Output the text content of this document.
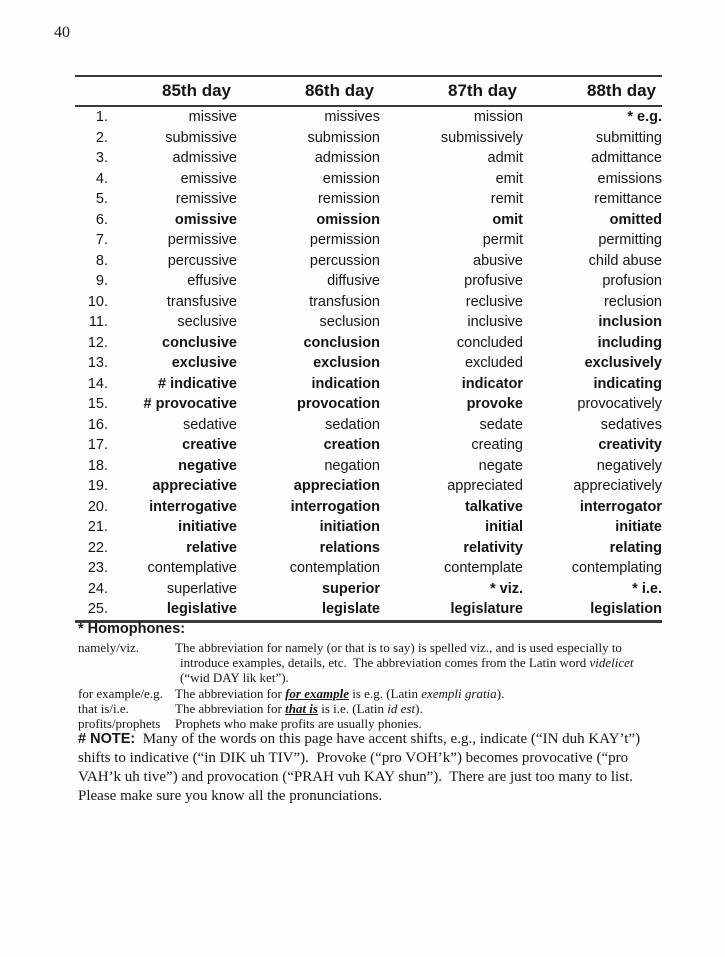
40
	85th day	86th day	87th day	88th day
1.	missive	missives	mission	* e.g.
2.	submissive	submission	submissively	submitting
3.	admissive	admission	admit	admittance
4.	emissive	emission	emit	emissions
5.	remissive	remission	remit	remittance
6.	omissive	omission	omit	omitted
7.	permissive	permission	permit	permitting
8.	percussive	percussion	abusive	child abuse
9.	effusive	diffusive	profusive	profusion
10.	transfusive	transfusion	reclusive	reclusion
11.	seclusive	seclusion	inclusive	inclusion
12.	conclusive	conclusion	concluded	including
13.	exclusive	exclusion	excluded	exclusively
14.	# indicative	indication	indicator	indicating
15.	# provocative	provocation	provoke	provocatively
16.	sedative	sedation	sedate	sedatives
17.	creative	creation	creating	creativity
18.	negative	negation	negate	negatively
19.	appreciative	appreciation	appreciated	appreciatively
20.	interrogative	interrogation	talkative	interrogator
21.	initiative	initiation	initial	initiate
22.	relative	relations	relativity	relating
23.	contemplative	contemplation	contemplate	contemplating
24.	superlative	superior	* viz.	* i.e.
25.	legislative	legislate	legislature	legislation
* Homophones:
namely/viz.	The abbreviation for namely (or that is to say) is spelled viz., and is used especially to introduce examples, details, etc.  The abbreviation comes from the Latin word videlicet (“wid DAY lik ket”).
for example/e.g. The abbreviation for for example is e.g. (Latin exempli gratia).
that is/i.e.	The abbreviation for that is is i.e. (Latin id est).
profits/prophets	Prophets who make profits are usually phonies.

# NOTE:  Many of the words on this page have accent shifts, e.g., indicate (“IN duh KAY’t”) shifts to indicative (“in DIK uh TIV”).  Provoke (“pro VOH’k”) becomes provocative (“pro VAH’k uh tive”) and provocation (“PRAH vuh KAY shun”).  There are just too many to list.  Please make sure you know all the pronunciations.
